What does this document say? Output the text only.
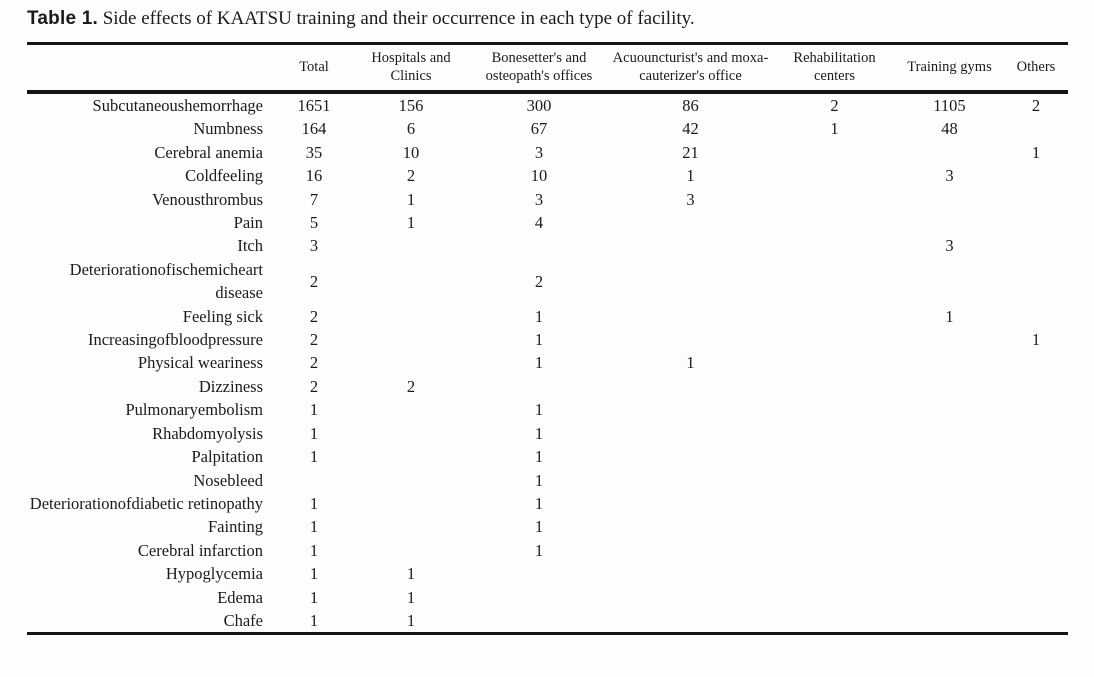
Table 1. Side effects of KAATSU training and their occurrence in each type of facility.
	Total	Hospitals and Clinics	Bonesetter's and osteopath's offices	Acuouncturist's and moxa-cauterizer's office	Rehabilitation centers	Training gyms	Others
Subcutaneoushemorrhage	1651	156	300	86	2	1105	2
Numbness	164	6	67	42	1	48	
Cerebral anemia	35	10	3	21			1
Coldfeeling	16	2	10	1		3	
Venousthrombus	7	1	3	3			
Pain	5	1	4				
Itch	3					3	
Deteriorationofischemicheart disease	2		2				
Feeling sick	2		1			1	
Increasingofbloodpressure	2		1				1
Physical weariness	2		1	1			
Dizziness	2	2					
Pulmonaryembolism	1		1				
Rhabdomyolysis	1		1				
Palpitation	1		1				
Nosebleed			1				
Deteriorationofdiabetic retinopathy	1		1				
Fainting	1		1				
Cerebral infarction	1		1				
Hypoglycemia	1	1					
Edema	1	1					
Chafe	1	1					
